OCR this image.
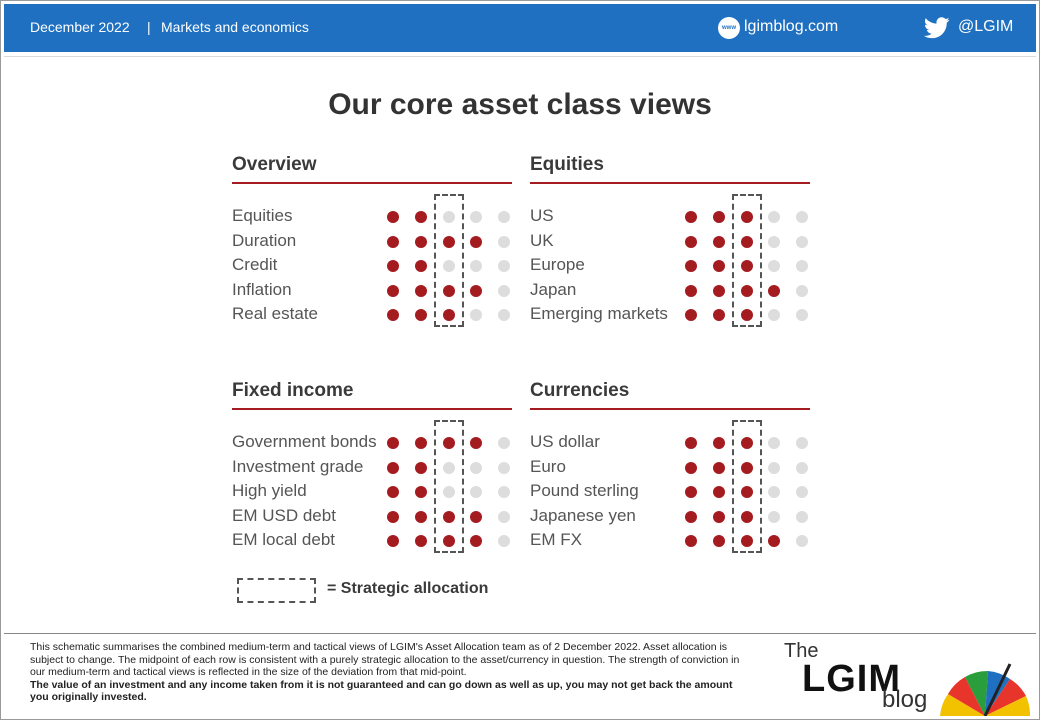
December 2022 | Markets and economics	www lgimblog.com	@LGIM
Our core asset class views
Overview
Equities
Duration
Credit
Inflation
Real estate
Equities
US
UK
Europe
Japan
Emerging markets
Fixed income
Government bonds
Investment grade
High yield
EM USD debt
EM local debt
Currencies
US dollar
Euro
Pound sterling
Japanese yen
EM FX
= Strategic allocation
This schematic summarises the combined medium-term and tactical views of LGIM's Asset Allocation team as of 2 December 2022. Asset allocation is subject to change. The midpoint of each row is consistent with a purely strategic allocation to the asset/currency in question. The strength of conviction in our medium-term and tactical views is reflected in the size of the deviation from that mid-point.
The value of an investment and any income taken from it is not guaranteed and can go down as well as up, you may not get back the amount you originally invested.
The
LGIM
blog
